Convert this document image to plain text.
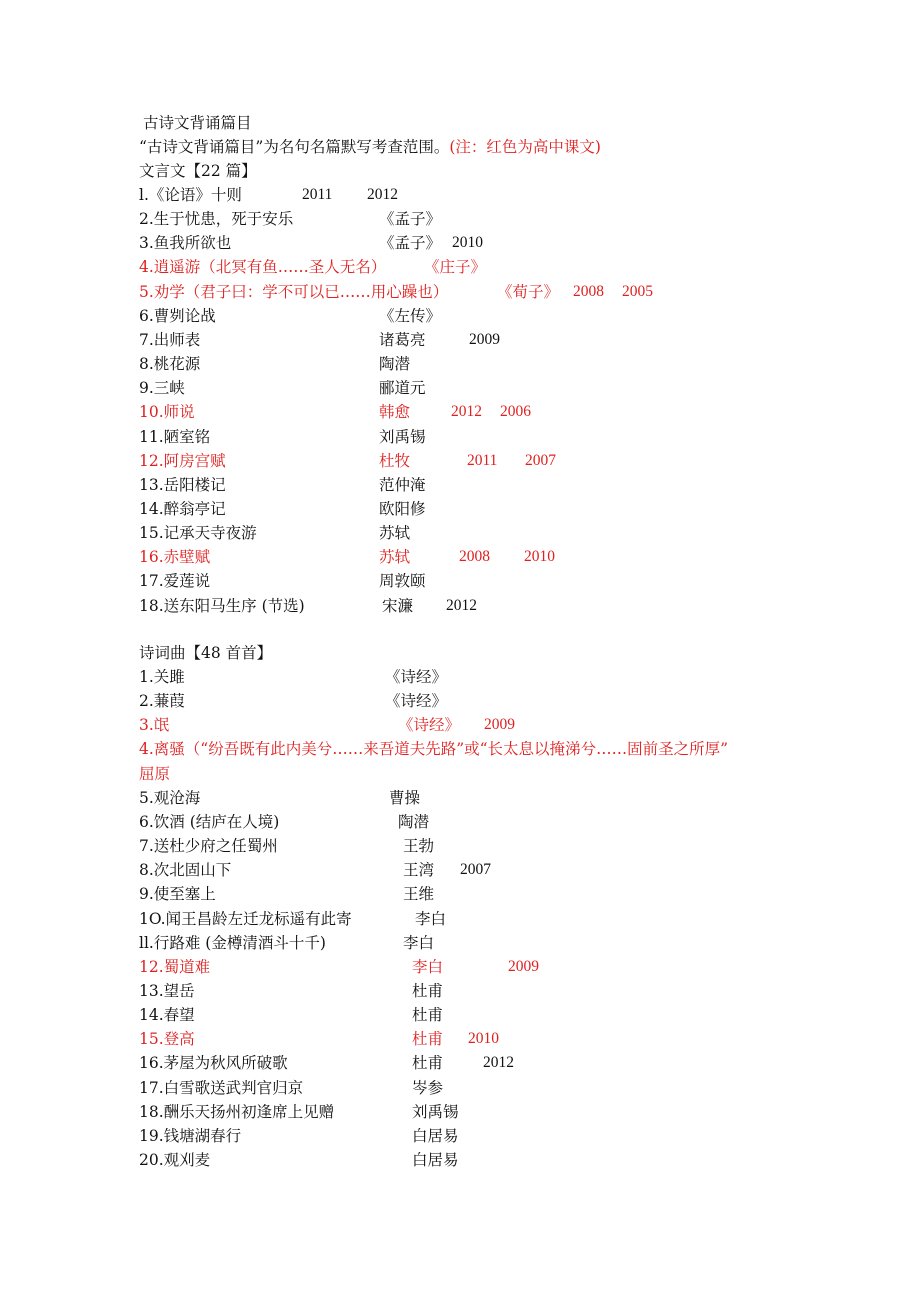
古诗文背诵篇目
“古诗文背诵篇目”为名句名篇默写考查范围。(注：红色为高中课文)
文言文【22 篇】
l.《论语》十则	2011 2012
2.生于忧患，死于安乐	《孟子》
3.鱼我所欲也	《孟子》 2010
4.逍遥游（北冥有鱼……圣人无名） 《庄子》
5.劝学（君子曰：学不可以已……用心躁也）	《荀子》 2008 2005
6.曹刿论战	《左传》
7.出师表	诸葛亮	2009
8.桃花源	陶潜
9.三峡	郦道元
10.师说	韩愈	2012 2006
11.陋室铭	刘禹锡
12.阿房宫赋	杜牧	2011 2007
13.岳阳楼记	范仲淹
14.醉翁亭记	欧阳修
15.记承天寺夜游	苏轼
16.赤壁赋	苏轼	2008 2010
17.爱莲说	周敦颐
18.送东阳马生序 (节选)	宋濂 2012
诗词曲【48 首首】
1.关雎	《诗经》
2.蒹葭	《诗经》
3.氓	《诗经》 2009
4.离骚（“纷吾既有此内美兮……来吾道夫先路”或“长太息以掩涕兮……固前圣之所厚”
屈原
5.观沧海	曹操
6.饮酒 (结庐在人境)	陶潜
7.送杜少府之任蜀州	王勃
8.次北固山下	王湾 2007
9.使至塞上	王维
1O.闻王昌龄左迁龙标遥有此寄	李白
ll.行路难 (金樽清酒斗十千)	李白
12.蜀道难	李白	2009
13.望岳	杜甫
14.春望	杜甫
15.登高	杜甫 2010
16.茅屋为秋风所破歌	杜甫	2012
17.白雪歌送武判官归京	岑参
18.酬乐天扬州初逢席上见赠	刘禹锡
19.钱塘湖春行	白居易
20.观刈麦	白居易
